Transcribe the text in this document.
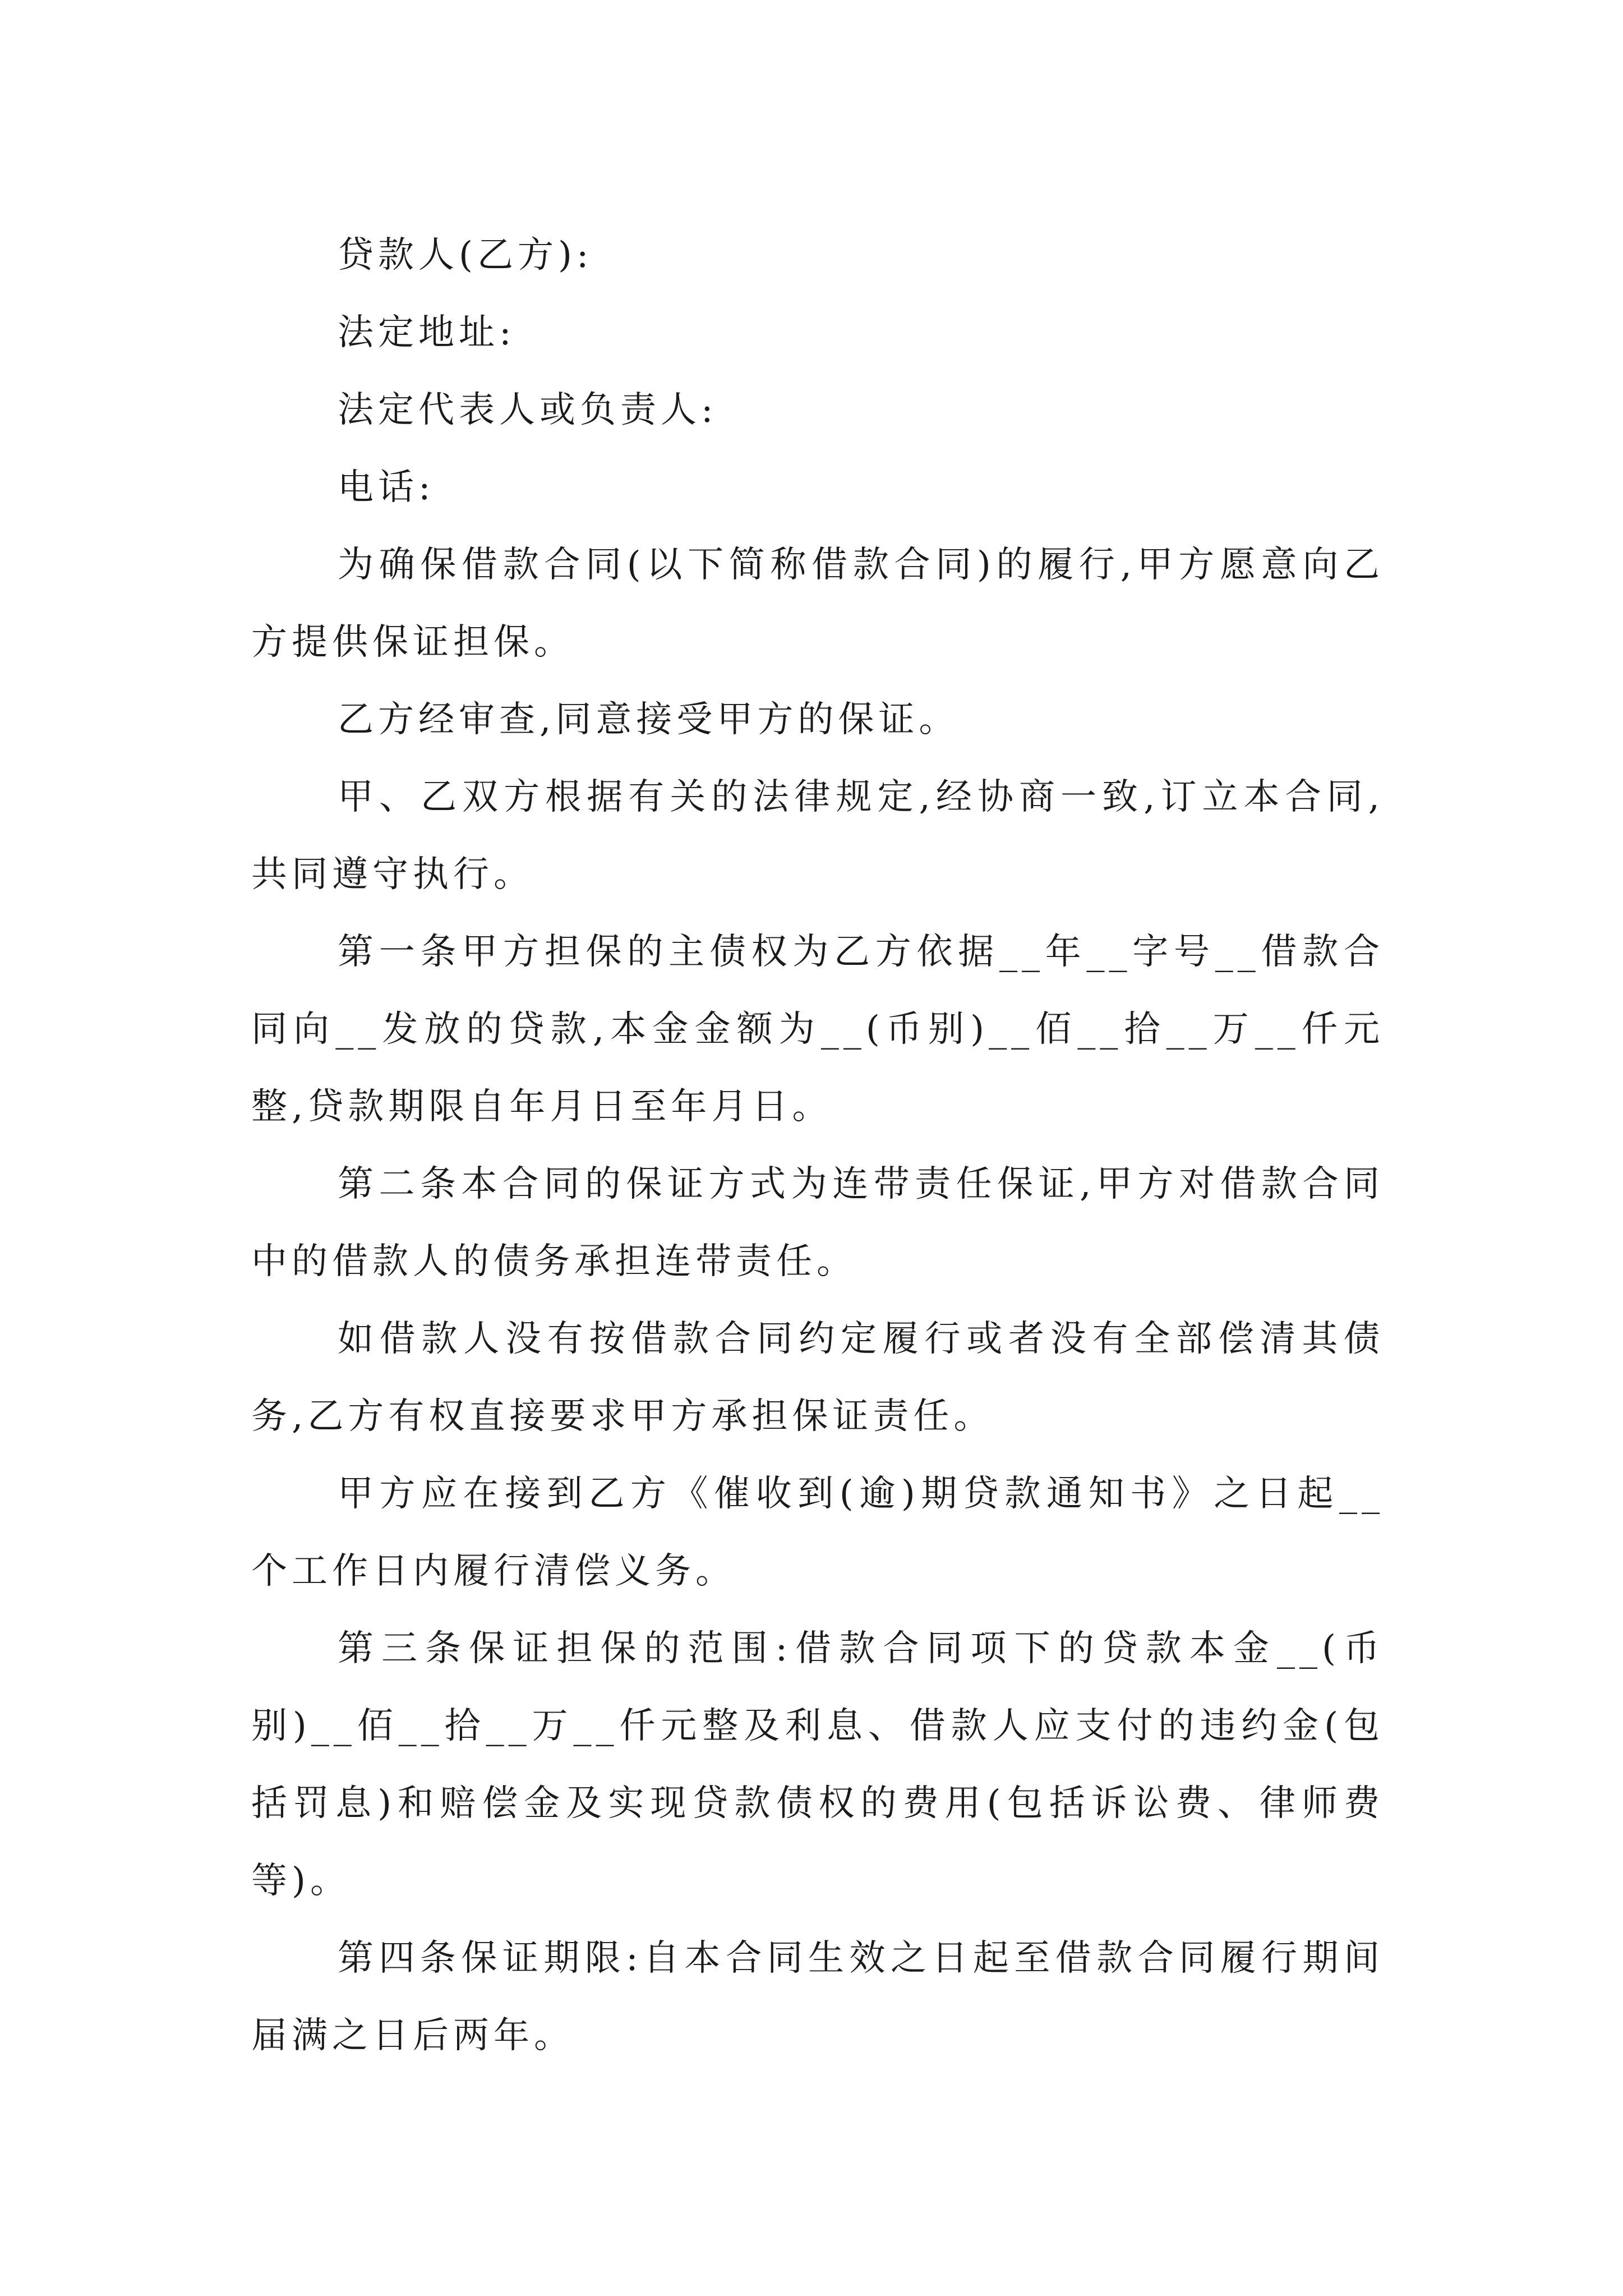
贷款人(乙方):

法定地址:

法定代表人或负责人:

电话:

为确保借款合同(以下简称借款合同)的履行,甲方愿意向乙方提供保证担保。

乙方经审查,同意接受甲方的保证。

甲、乙双方根据有关的法律规定,经协商一致,订立本合同,共同遵守执行。

第一条甲方担保的主债权为乙方依据__年__字号__借款合同向__发放的贷款,本金金额为__(币别)__佰__拾__万__仟元整,贷款期限自年月日至年月日。

第二条本合同的保证方式为连带责任保证,甲方对借款合同中的借款人的债务承担连带责任。

如借款人没有按借款合同约定履行或者没有全部偿清其债务,乙方有权直接要求甲方承担保证责任。

甲方应在接到乙方《催收到(逾)期贷款通知书》之日起__个工作日内履行清偿义务。

第三条保证担保的范围:借款合同项下的贷款本金__(币别)__佰__拾__万__仟元整及利息、借款人应支付的违约金(包括罚息)和赔偿金及实现贷款债权的费用(包括诉讼费、律师费等)。

第四条保证期限:自本合同生效之日起至借款合同履行期间届满之日后两年。
